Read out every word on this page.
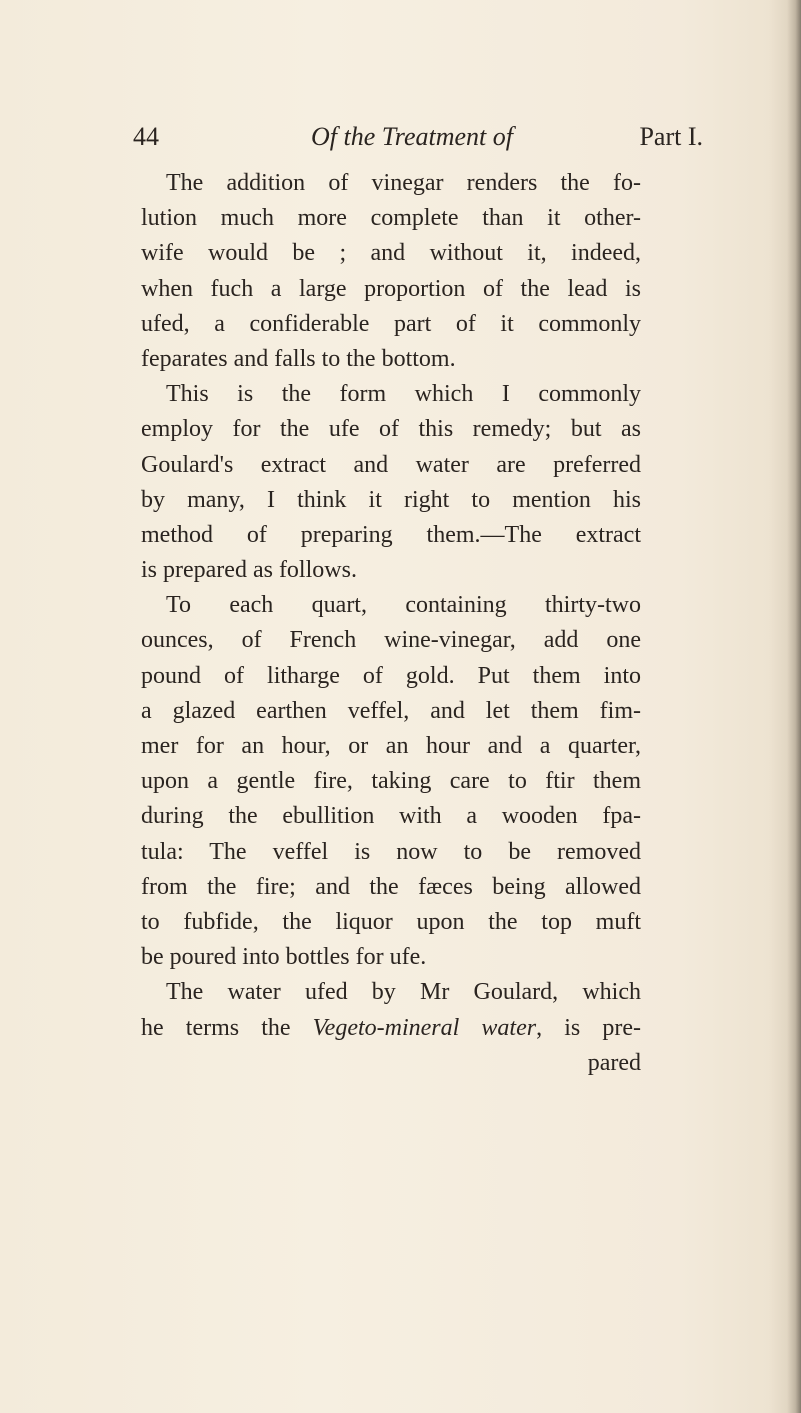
44	Of the Treatment of	Part I.
The addition of vinegar renders the fo-
lution much more complete than it other-
wife would be ; and without it, indeed,
when fuch a large proportion of the lead is
ufed, a confiderable part of it commonly
feparates and falls to the bottom.
This is the form which I commonly
employ for the ufe of this remedy; but as
Goulard's extract and water are preferred
by many, I think it right to mention his
method of preparing them.—The extract
is prepared as follows.
To each quart, containing thirty-two
ounces, of French wine-vinegar, add one
pound of litharge of gold. Put them into
a glazed earthen veffel, and let them fim-
mer for an hour, or an hour and a quarter,
upon a gentle fire, taking care to ftir them
during the ebullition with a wooden fpa-
tula: The veffel is now to be removed
from the fire; and the fæces being allowed
to fubfide, the liquor upon the top muft
be poured into bottles for ufe.
The water ufed by Mr Goulard, which
he terms the Vegeto-mineral water, is pre-
pared
